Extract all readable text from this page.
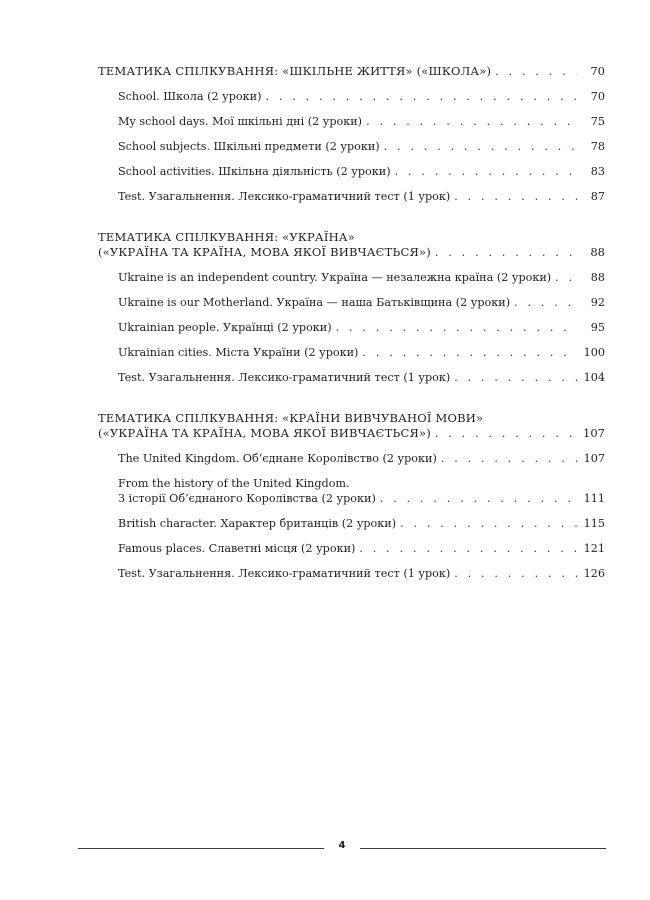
ТЕМАТИКА СПІЛКУВАННЯ: «ШКІЛЬНЕ ЖИТТЯ» («ШКОЛА») . . .	70
School. Школа (2 уроки) . . .	70
My school days. Мої шкільні дні (2 уроки) . . .	75
School subjects. Шкільні предмети (2 уроки) . . .	78
School activities. Шкільна діяльність (2 уроки) . . .	83
Test. Узагальнення. Лексико-граматичний тест (1 урок) . . .	87
ТЕМАТИКА СПІЛКУВАННЯ: «УКРАЇНА»
(«УКРАЇНА ТА КРАЇНА, МОВА ЯКОЇ ВИВЧАЄТЬСЯ») . . .	88
Ukraine is an independent country. Україна — незалежна країна (2 уроки) . . .	88
Ukraine is our Motherland. Україна — наша Батьківщина (2 уроки) . . .	92
Ukrainian people. Українці (2 уроки) . . .	95
Ukrainian cities. Міста України (2 уроки) . . .	100
Test. Узагальнення. Лексико-граматичний тест (1 урок) . . .	104
ТЕМАТИКА СПІЛКУВАННЯ: «КРАЇНИ ВИВЧУВАНОЇ МОВИ»
(«УКРАЇНА ТА КРАЇНА, МОВА ЯКОЇ ВИВЧАЄТЬСЯ») . . .	107
The United Kingdom. Об’єднане Королівство (2 уроки) . . .	107
From the history of the United Kingdom.
З історії Об’єднаного Королівства (2 уроки) . . .	111
British character. Характер британців (2 уроки) . . .	115
Famous places. Славетні місця (2 уроки) . . .	121
Test. Узагальнення. Лексико-граматичний тест (1 урок) . . .	126
4
